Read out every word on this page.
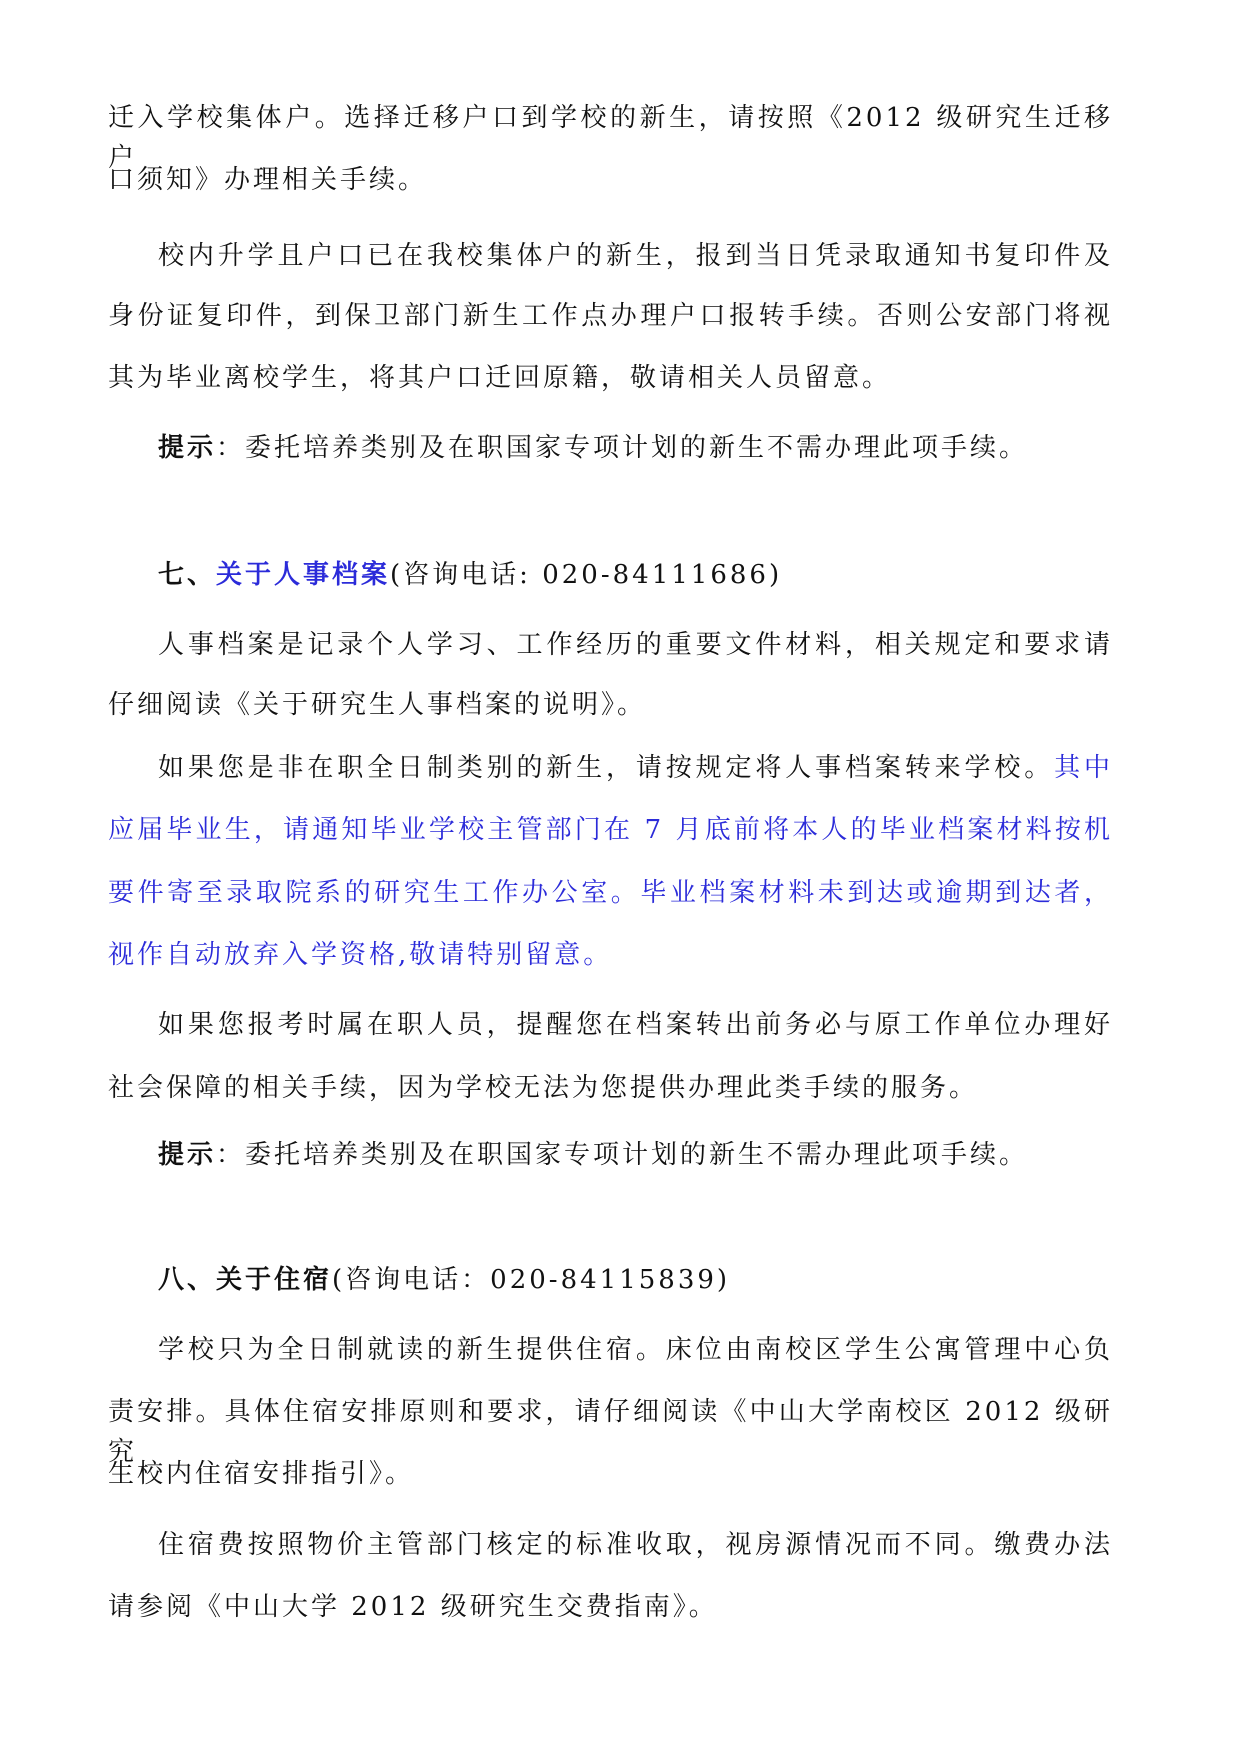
迁入学校集体户。选择迁移户口到学校的新生，请按照《2012 级研究生迁移户
口须知》办理相关手续。
校内升学且户口已在我校集体户的新生，报到当日凭录取通知书复印件及
身份证复印件，到保卫部门新生工作点办理户口报转手续。否则公安部门将视
其为毕业离校学生，将其户口迁回原籍，敬请相关人员留意。
提示：委托培养类别及在职国家专项计划的新生不需办理此项手续。
七、关于人事档案(咨询电话: 020-84111686)
人事档案是记录个人学习、工作经历的重要文件材料，相关规定和要求请
仔细阅读《关于研究生人事档案的说明》。
如果您是非在职全日制类别的新生，请按规定将人事档案转来学校。其中
应届毕业生，请通知毕业学校主管部门在 7 月底前将本人的毕业档案材料按机
要件寄至录取院系的研究生工作办公室。毕业档案材料未到达或逾期到达者，
视作自动放弃入学资格,敬请特别留意。
如果您报考时属在职人员，提醒您在档案转出前务必与原工作单位办理好
社会保障的相关手续，因为学校无法为您提供办理此类手续的服务。
提示：委托培养类别及在职国家专项计划的新生不需办理此项手续。
八、关于住宿(咨询电话：020-84115839)
学校只为全日制就读的新生提供住宿。床位由南校区学生公寓管理中心负
责安排。具体住宿安排原则和要求，请仔细阅读《中山大学南校区 2012 级研究
生校内住宿安排指引》。
住宿费按照物价主管部门核定的标准收取，视房源情况而不同。缴费办法
请参阅《中山大学 2012 级研究生交费指南》。
